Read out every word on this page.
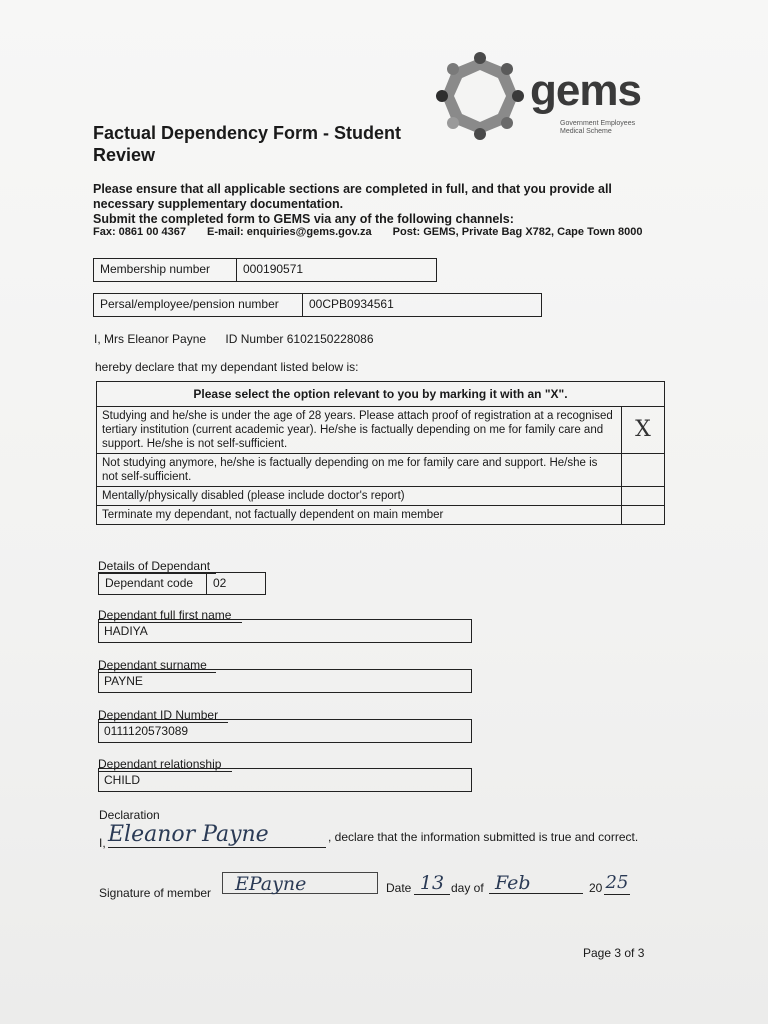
gems
Government Employees
Medical Scheme
Factual Dependency Form - Student
Review
Please ensure that all applicable sections are completed in full, and that you provide all
necessary supplementary documentation.
Submit the completed form to GEMS via any of the following channels:
Fax: 0861 00 4367 E-mail: enquiries@gems.gov.za Post: GEMS, Private Bag X782, Cape Town 8000
Membership number	000190571
Persal/employee/pension number	00CPB0934561
I, Mrs Eleanor Payne ID Number 6102150228086
hereby declare that my dependant listed below is:
Please select the option relevant to you by marking it with an "X".	
Studying and he/she is under the age of 28 years. Please attach proof of registration at a recognised tertiary institution (current academic year). He/she is factually depending on me for family care and support. He/she is not self-sufficient.	X
Not studying anymore, he/she is factually depending on me for family care and support. He/she is not self-sufficient.	
Mentally/physically disabled (please include doctor's report)	
Terminate my dependant, not factually dependent on main member	
Details of Dependant
Dependant code	02
Dependant full first name
HADIYA
Dependant surname
PAYNE
Dependant ID Number
0111120573089
Dependant relationship
CHILD
Declaration
I, Eleanor Payne	, declare that the information submitted is true and correct.
Signature of member	EPayne	Date 13 day of Feb	20 25
Page 3 of 3
